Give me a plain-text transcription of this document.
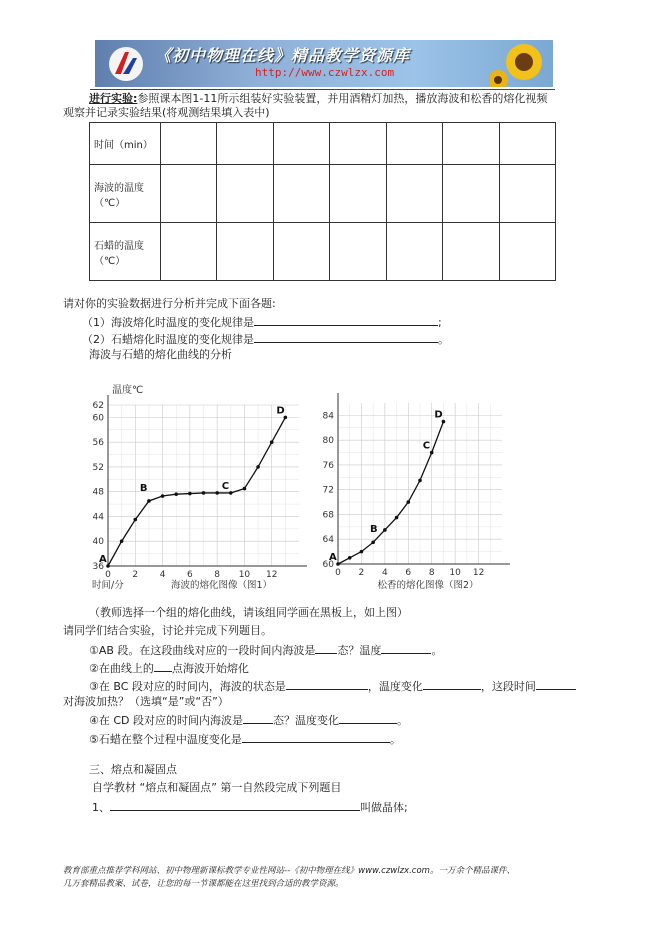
《初中物理在线》精品教学资源库
http://www.czwlzx.com
进行实验:参照课本图1-11所示组装好实验装置，并用酒精灯加热，播放海波和松香的熔化视频
观察并记录实验结果(将观测结果填入表中)
时间（min）							
海波的温度
（℃）							
石蜡的温度
（℃）							
请对你的实验数据进行分析并完成下面各题:
（1）海波熔化时温度的变化规律是	;
（2）石蜡熔化时温度的变化规律是	。
海波与石蜡的熔化曲线的分析
0 2 4 6 8 10 12
36
40
44
48
52
56
60
62
A
B	C
D
温度℃
时间/分	海波的熔化图像（图1）
0 2 4 6 8 10 12
60
64
68
72
76
80
84
A
B
C
D
松香的熔化图像（图2）
（教师选择一个组的熔化曲线，请该组同学画在黑板上，如上图）
请同学们结合实验，讨论并完成下列题目。
①AB 段。在这段曲线对应的一段时间内海波是 态？温度	。
②在曲线上的 点海波开始熔化
③在 BC 段对应的时间内，海波的状态是	，温度变化	，这段时间
对海波加热？（选填“是”或“否”）
④在 CD 段对应的时间内海波是	态？温度变化	。
⑤石蜡在整个过程中温度变化是	。
三、熔点和凝固点
自学教材 “熔点和凝固点” 第一自然段完成下列题目
1、	叫做晶体;
教育部重点推荐学科网站、初中物理新课标教学专业性网站--《初中物理在线》www.czwlzx.com。一万余个精品课件、
几万套精品教案、试卷，让您的每一节课都能在这里找到合适的教学资源。
